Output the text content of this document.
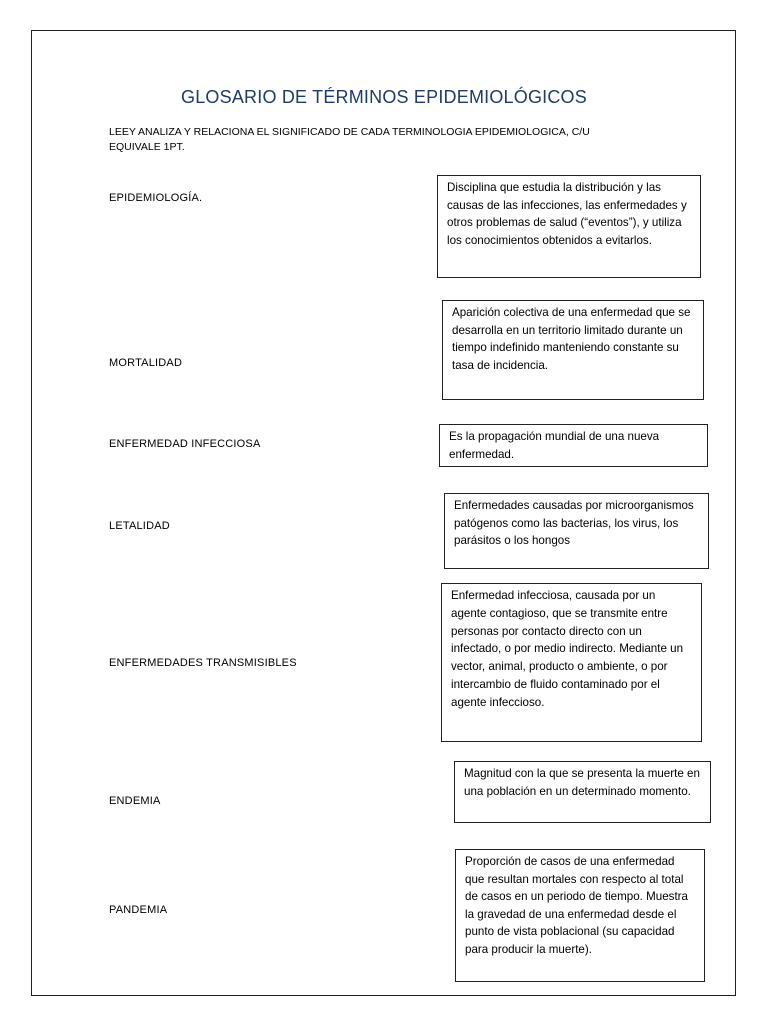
GLOSARIO DE TÉRMINOS EPIDEMIOLÓGICOS
LEEY ANALIZA Y RELACIONA EL SIGNIFICADO DE CADA TERMINOLOGIA EPIDEMIOLOGICA, C/U EQUIVALE 1PT.
EPIDEMIOLOGÍA.
MORTALIDAD
ENFERMEDAD INFECCIOSA
LETALIDAD
ENFERMEDADES TRANSMISIBLES
ENDEMIA
PANDEMIA
Disciplina que estudia la distribución y las causas de las infecciones, las enfermedades y otros problemas de salud (“eventos”), y utiliza los conocimientos obtenidos a evitarlos.
Aparición colectiva de una enfermedad que se desarrolla en un territorio limitado durante un tiempo indefinido manteniendo constante su tasa de incidencia.
Es la propagación mundial de una nueva enfermedad.
Enfermedades causadas por microorganismos patógenos como las bacterias, los virus, los parásitos o los hongos
Enfermedad infecciosa, causada por un agente contagioso, que se transmite entre personas por contacto directo con un infectado, o por medio indirecto. Mediante un vector, animal, producto o ambiente, o por intercambio de fluido contaminado por el agente infeccioso.
Magnitud con la que se presenta la muerte en una población en un determinado momento.
Proporción de casos de una enfermedad que resultan mortales con respecto al total de casos en un periodo de tiempo. Muestra la gravedad de una enfermedad desde el punto de vista poblacional (su capacidad para producir la muerte).
